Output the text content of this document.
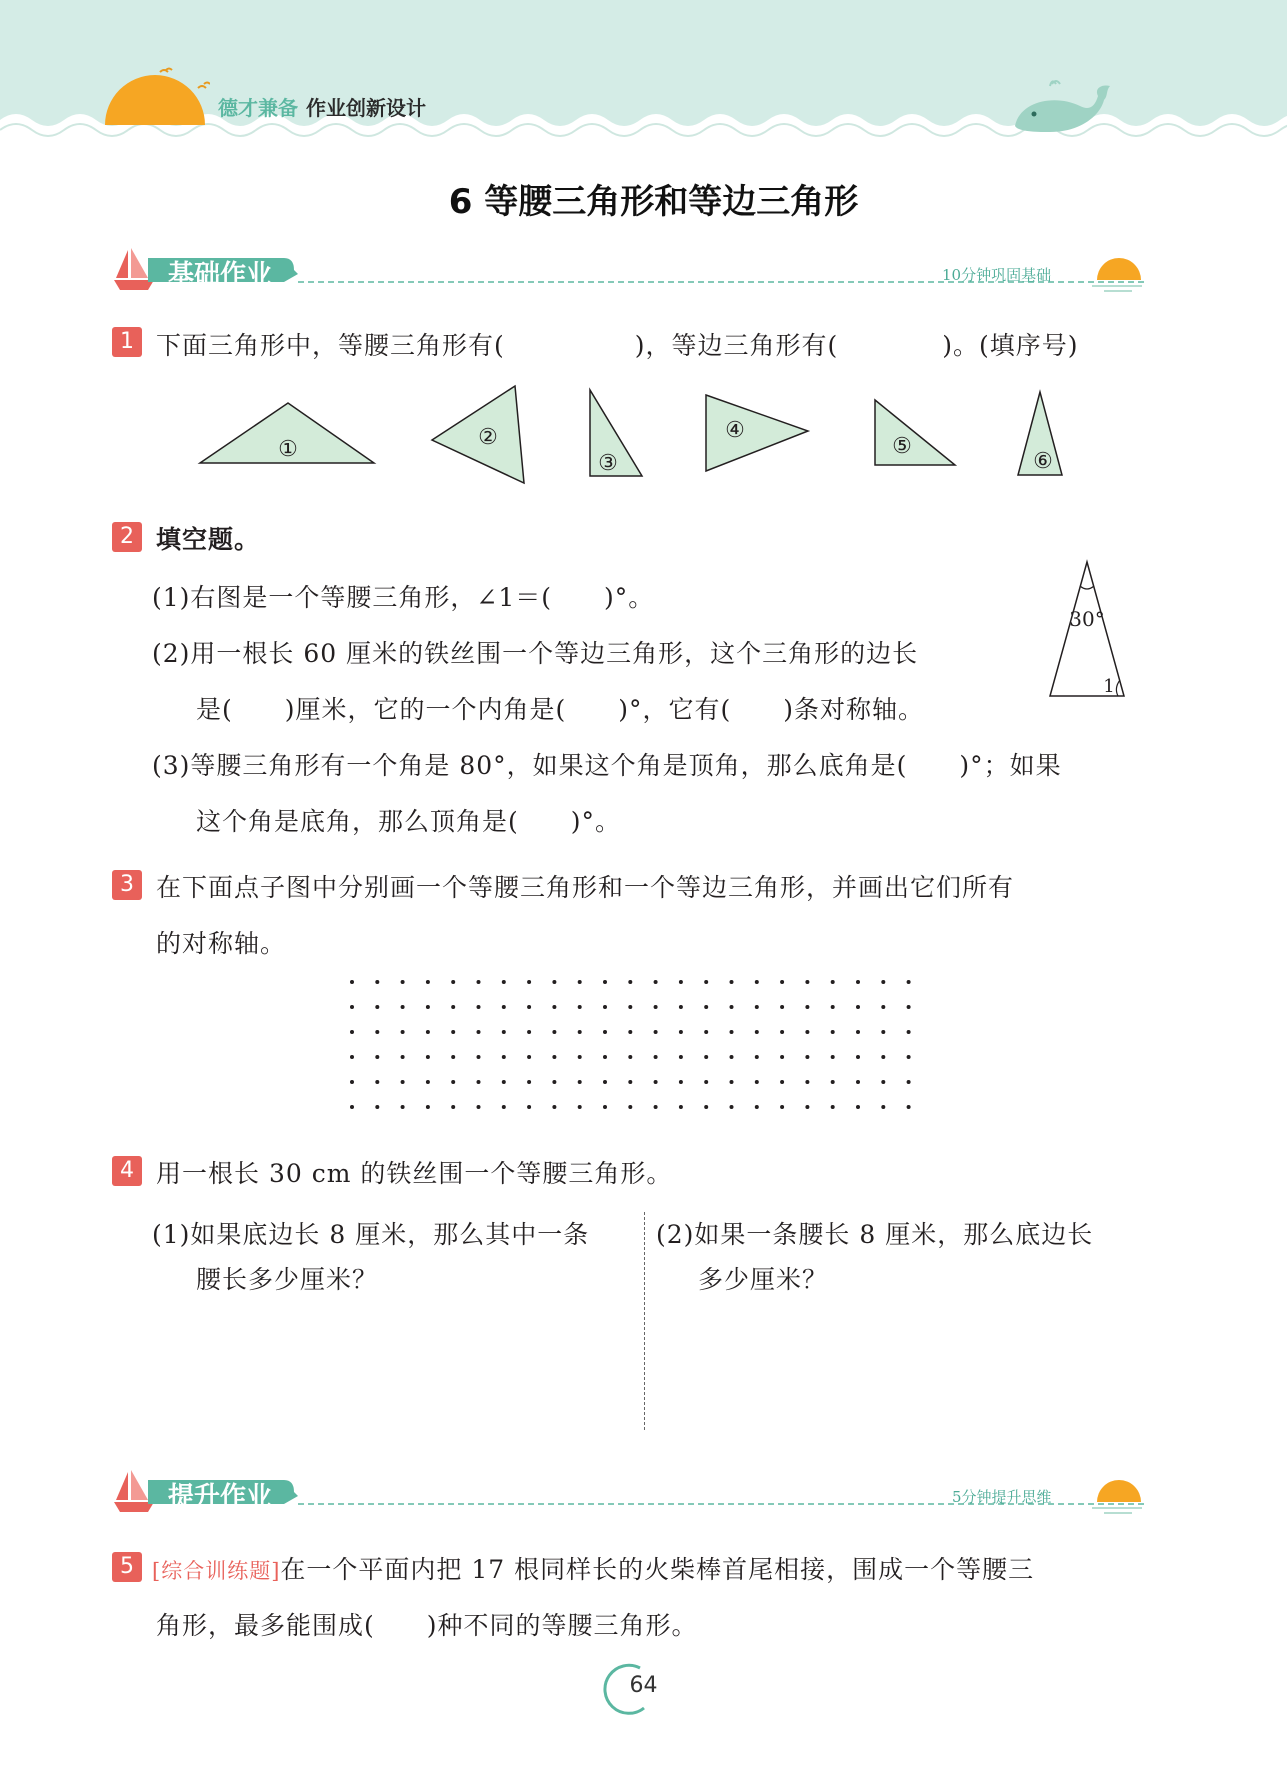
德才兼备 作业创新设计
6 等腰三角形和等边三角形
基础作业	10分钟巩固基础
1 下面三角形中，等腰三角形有(　　　　　)，等边三角形有(　　　　)。(填序号)
①	②
③
④
⑤
⑥
2 填空题。
(1)右图是一个等腰三角形，∠1＝(　　)°。
(2)用一根长 60 厘米的铁丝围一个等边三角形，这个三角形的边长
是(　　)厘米，它的一个内角是(　　)°，它有(　　)条对称轴。
(3)等腰三角形有一个角是 80°，如果这个角是顶角，那么底角是(　　)°；如果
这个角是底角，那么顶角是(　　)°。
30°
1
3 在下面点子图中分别画一个等腰三角形和一个等边三角形，并画出它们所有
的对称轴。
4 用一根长 30 cm 的铁丝围一个等腰三角形。
(1)如果底边长 8 厘米，那么其中一条
腰长多少厘米？
(2)如果一条腰长 8 厘米，那么底边长
多少厘米？
提升作业	5分钟提升思维
5 [综合训练题]在一个平面内把 17 根同样长的火柴棒首尾相接，围成一个等腰三
角形，最多能围成(　　)种不同的等腰三角形。
64
